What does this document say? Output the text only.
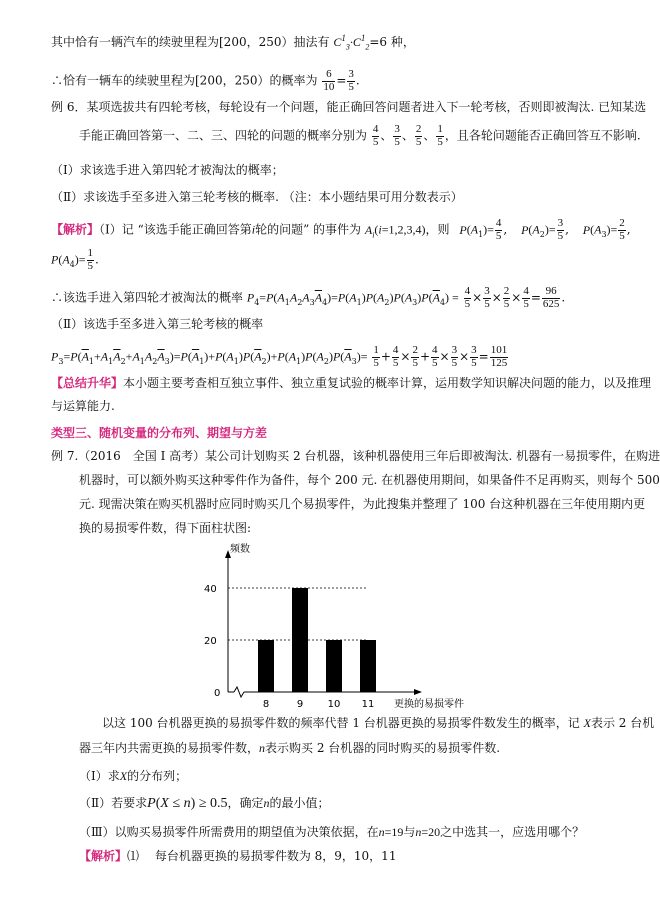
其中恰有一辆汽车的续驶里程为[200，250）抽法有 $C^1_3\cdot C^1_2=6$ 种，
∴恰有一辆车的续驶里程为[200，250）的概率为 $\frac{6}{10} = \frac{3}{5}$ .
例 6．某项选拔共有四轮考核，每轮设有一个问题，能正确回答问题者进入下一轮考核，否则即被淘汰. 已知某选
手能正确回答第一、二、三、四轮的问题的概率分别为 $\frac{4}{5}$ 、 $\frac{3}{5}$ 、 $\frac{2}{5}$ 、 $\frac{1}{5}$ ，且各轮问题能否正确回答互不影响.
（Ⅰ）求该选手进入第四轮才被淘汰的概率；
（Ⅱ）求该选手至多进入第三轮考核的概率. （注：本小题结果可用分数表示）
【解析】（Ⅰ）记 “该选手能正确回答第i轮的问题” 的事件为 $A_i(i=1,2,3,4)$，则 $P(A_1)= \frac{4}{5}$ , $P(A_2)= \frac{3}{5}$ , $P(A_3)= \frac{2}{5}$ ,
$P(A_4)= \frac{1}{5}$ .
∴该选手进入第四轮才被淘汰的概率 $P_4=P(A_1A_2A_3\overline{A}_4)=P(A_1)P(A_2)P(A_3)P(\overline{A}_4) = \frac{4}{5} \times \frac{3}{5} \times \frac{2}{5} \times \frac{4}{5} = \frac{96}{625}$ .
（Ⅱ）该选手至多进入第三轮考核的概率
$P_3=P(\overline{A}_1+A_1\overline{A}_2+A_1A_2\overline{A}_3)=P(\overline{A}_1)+P(A_1)P(\overline{A}_2)+P(A_1)P(A_2)P(\overline{A}_3)= \frac{1}{5} + \frac{4}{5} \times \frac{2}{5} + \frac{4}{5} \times \frac{3}{5} \times \frac{3}{5} = \frac{101}{125}$
【总结升华】本小题主要考查相互独立事件、独立重复试验的概率计算，运用数学知识解决问题的能力，以及推理
与运算能力.
类型三、随机变量的分布列、期望与方差
例 7.（2016　全国 I 高考）某公司计划购买 2 台机器，该种机器使用三年后即被淘汰. 机器有一易损零件，在购进
机器时，可以额外购买这种零件作为备件，每个 200 元. 在机器使用期间，如果备件不足再购买，则每个 500
元. 现需决策在购买机器时应同时购买几个易损零件，为此搜集并整理了 100 台这种机器在三年使用期内更
换的易损零件数，得下面柱状图:
频数
更换的易损零件
0
20
40
8	9 10 11
以这 100 台机器更换的易损零件数的频率代替 1 台机器更换的易损零件数发生的概率，记 X表示 2 台机
器三年内共需更换的易损零件数，n表示购买 2 台机器的同时购买的易损零件数.
（Ⅰ）求X的分布列；
（Ⅱ）若要求P(X ≤ n) ≥ 0.5，确定n的最小值；
（Ⅲ）以购买易损零件所需费用的期望值为决策依据，在n=19与n=20之中选其一，应选用哪个？
【解析】⑴　 每台机器更换的易损零件数为 8，9，10，11
